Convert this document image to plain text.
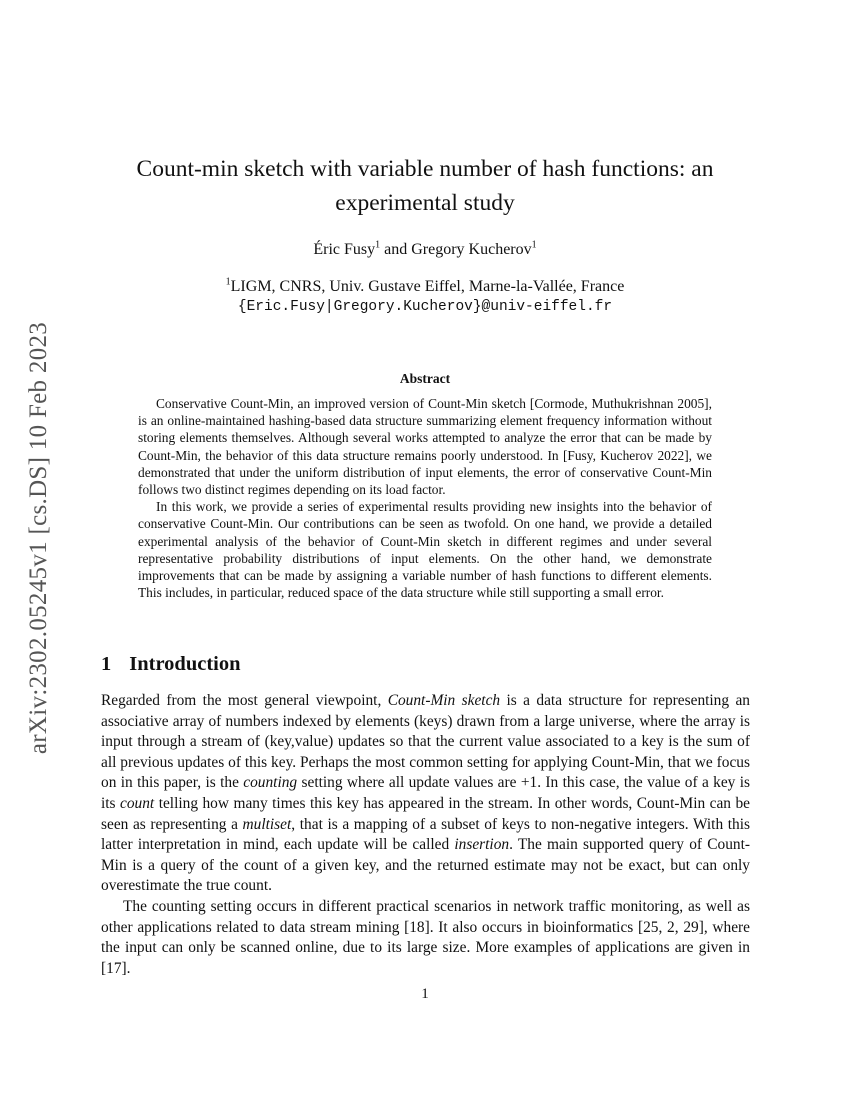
arXiv:2302.05245v1 [cs.DS] 10 Feb 2023
Count-min sketch with variable number of hash functions: an
experimental study
Éric Fusy$^1$ and Gregory Kucherov$^1$
$^1$LIGM, CNRS, Univ. Gustave Eiffel, Marne-la-Vallée, France
{Eric.Fusy|Gregory.Kucherov}@univ-eiffel.fr
Abstract

Conservative Count-Min, an improved version of Count-Min sketch [Cormode, Muthukrishnan 2005], is an online-maintained hashing-based data structure summarizing element frequency information without storing elements themselves. Although several works attempted to analyze the error that can be made by Count-Min, the behavior of this data structure remains poorly understood. In [Fusy, Kucherov 2022], we demonstrated that under the uniform distribution of input elements, the error of conservative Count-Min follows two distinct regimes depending on its load factor.

In this work, we provide a series of experimental results providing new insights into the behavior of conservative Count-Min. Our contributions can be seen as twofold. On one hand, we provide a detailed experimental analysis of the behavior of Count-Min sketch in different regimes and under several representative probability distributions of input elements. On the other hand, we demonstrate improvements that can be made by assigning a variable number of hash functions to different elements. This includes, in particular, reduced space of the data structure while still supporting a small error.

1 Introduction

Regarded from the most general viewpoint, Count-Min sketch is a data structure for representing an associative array of numbers indexed by elements (keys) drawn from a large universe, where the array is input through a stream of (key,value) updates so that the current value associated to a key is the sum of all previous updates of this key. Perhaps the most common setting for applying Count-Min, that we focus on in this paper, is the counting setting where all update values are +1. In this case, the value of a key is its count telling how many times this key has appeared in the stream. In other words, Count-Min can be seen as representing a multiset, that is a mapping of a subset of keys to non-negative integers. With this latter interpretation in mind, each update will be called insertion. The main supported query of Count-Min is a query of the count of a given key, and the returned estimate may not be exact, but can only overestimate the true count.

The counting setting occurs in different practical scenarios in network traffic monitoring, as well as other applications related to data stream mining [18]. It also occurs in bioinformatics [25, 2, 29], where the input can only be scanned online, due to its large size. More examples of applications are given in [17].

1
